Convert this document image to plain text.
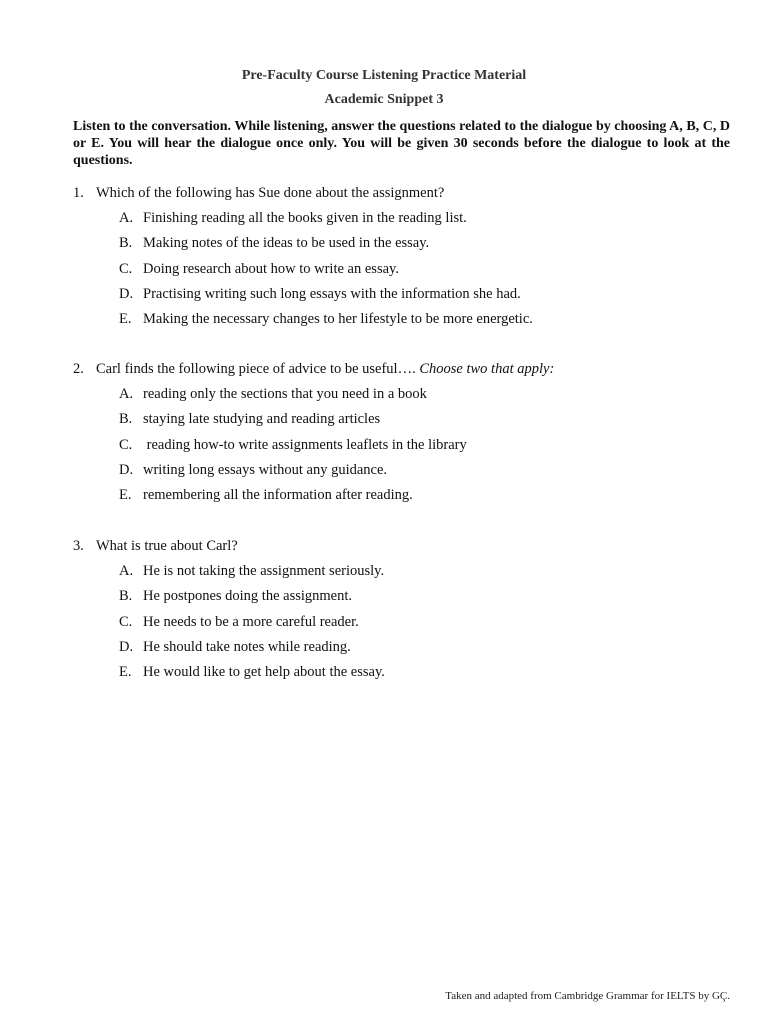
Pre-Faculty Course Listening Practice Material
Academic Snippet 3
Listen to the conversation. While listening, answer the questions related to the dialogue by choosing A, B, C, D or E. You will hear the dialogue once only. You will be given 30 seconds before the dialogue to look at the questions.
1. Which of the following has Sue done about the assignment?
A. Finishing reading all the books given in the reading list.
B. Making notes of the ideas to be used in the essay.
C. Doing research about how to write an essay.
D. Practising writing such long essays with the information she had.
E. Making the necessary changes to her lifestyle to be more energetic.
2. Carl finds the following piece of advice to be useful…. Choose two that apply:
A. reading only the sections that you need in a book
B. staying late studying and reading articles
C. reading how-to write assignments leaflets in the library
D. writing long essays without any guidance.
E. remembering all the information after reading.
3. What is true about Carl?
A. He is not taking the assignment seriously.
B. He postpones doing the assignment.
C. He needs to be a more careful reader.
D. He should take notes while reading.
E. He would like to get help about the essay.
Taken and adapted from Cambridge Grammar for IELTS by GÇ.
